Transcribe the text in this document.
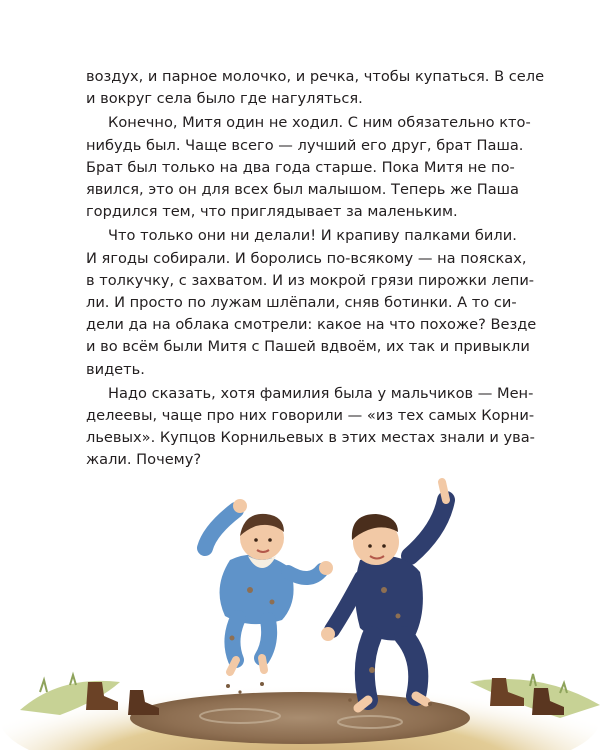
воздух, и парное молочко, и речка, чтобы купаться. В селе
и вокруг села было где нагуляться.
Конечно, Митя один не ходил. С ним обязательно кто-
нибудь был. Чаще всего — лучший его друг, брат Паша.
Брат был только на два года старше. Пока Митя не по-
явился, это он для всех был малышом. Теперь же Паша
гордился тем, что приглядывает за маленьким.
Что только они ни делали! И крапиву палками били.
И ягоды собирали. И боролись по-всякому — на поясках,
в толкучку, с захватом. И из мокрой грязи пирожки лепи-
ли. И просто по лужам шлёпали, сняв ботинки. А то си-
дели да на облака смотрели: какое на что похоже? Везде
и во всём были Митя с Пашей вдвоём, их так и привыкли
видеть.
Надо сказать, хотя фамилия была у мальчиков — Мен-
делеевы, чаще про них говорили — «из тех самых Корни-
льевых». Купцов Корнильевых в этих местах знали и ува-
жали. Почему?
